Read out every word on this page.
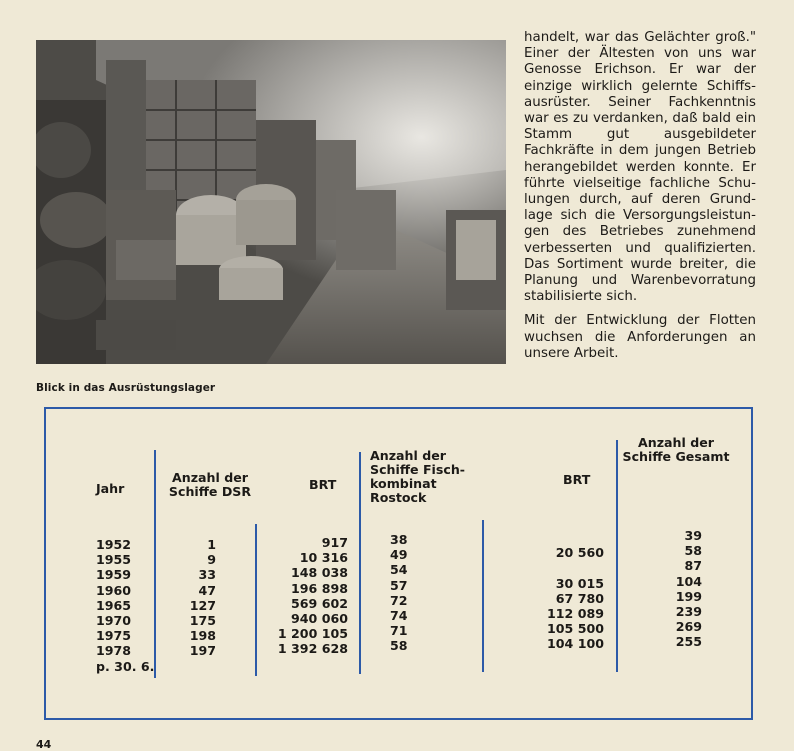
Blick in das Ausrüstungslager

handelt, war das Gelächter groß." Einer der Ältesten von uns war Genosse Erichson. Er war der einzige wirklich gelernte Schiffs-ausrüster. Seiner Fachkenntnis war es zu verdanken, daß bald ein Stamm gut ausgebildeter Fachkräfte in dem jungen Betrieb herangebildet werden konnte. Er führte vielseitige fachliche Schu-lungen durch, auf deren Grund-lage sich die Versorgungsleistun-gen des Betriebes zunehmend verbesserten und qualifizierten. Das Sortiment wurde breiter, die Planung und Warenbevorratung stabilisierte sich.

Mit der Entwicklung der Flotten wuchsen die Anforderungen an unsere Arbeit.

Jahr
Anzahl der Schiffe DSR	BRT
Anzahl der Schiffe Fisch-kombinat Rostock
BRT
Anzahl der Schiffe Gesamt
1952
1955
1959
1960
1965
1970
1975
1978
p. 30. 6.
1
9
33
47
127
175
198
197
917
10 316
148 038
196 898
569 602
940 060
1 200 105
1 392 628
38
49
54
57
72
74
71
58

20 560

30 015
67 780
112 089
105 500
104 100
39
58
87
104
199
239
269
255
44
